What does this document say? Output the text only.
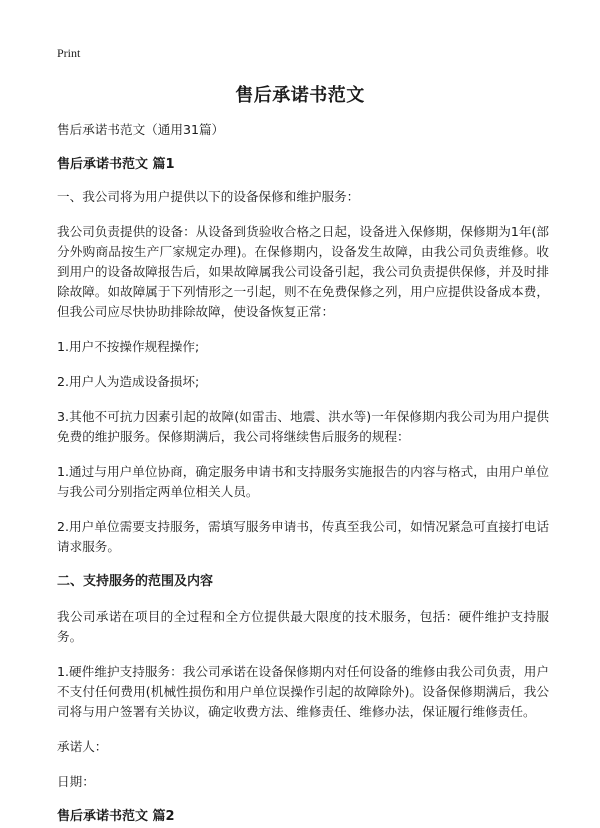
Print
售后承诺书范文

售后承诺书范文（通用31篇）

售后承诺书范文 篇1

一、我公司将为用户提供以下的设备保修和维护服务：

我公司负责提供的设备：从设备到货验收合格之日起，设备进入保修期，保修期为1年(部分外购商品按生产厂家规定办理)。在保修期内，设备发生故障，由我公司负责维修。收到用户的设备故障报告后，如果故障属我公司设备引起，我公司负责提供保修，并及时排除故障。如故障属于下列情形之一引起，则不在免费保修之列，用户应提供设备成本费，但我公司应尽快协助排除故障，使设备恢复正常：

1.用户不按操作规程操作;

2.用户人为造成设备损坏;

3.其他不可抗力因素引起的故障(如雷击、地震、洪水等)一年保修期内我公司为用户提供免费的维护服务。保修期满后，我公司将继续售后服务的规程：

1.通过与用户单位协商，确定服务申请书和支持服务实施报告的内容与格式，由用户单位与我公司分别指定两单位相关人员。

2.用户单位需要支持服务，需填写服务申请书，传真至我公司，如情况紧急可直接打电话请求服务。

二、支持服务的范围及内容

我公司承诺在项目的全过程和全方位提供最大限度的技术服务，包括：硬件维护支持服务。

1.硬件维护支持服务：我公司承诺在设备保修期内对任何设备的维修由我公司负责，用户不支付任何费用(机械性损伤和用户单位误操作引起的故障除外)。设备保修期满后，我公司将与用户签署有关协议，确定收费方法、维修责任、维修办法，保证履行维修责任。

承诺人：

日期：

售后承诺书范文 篇2
